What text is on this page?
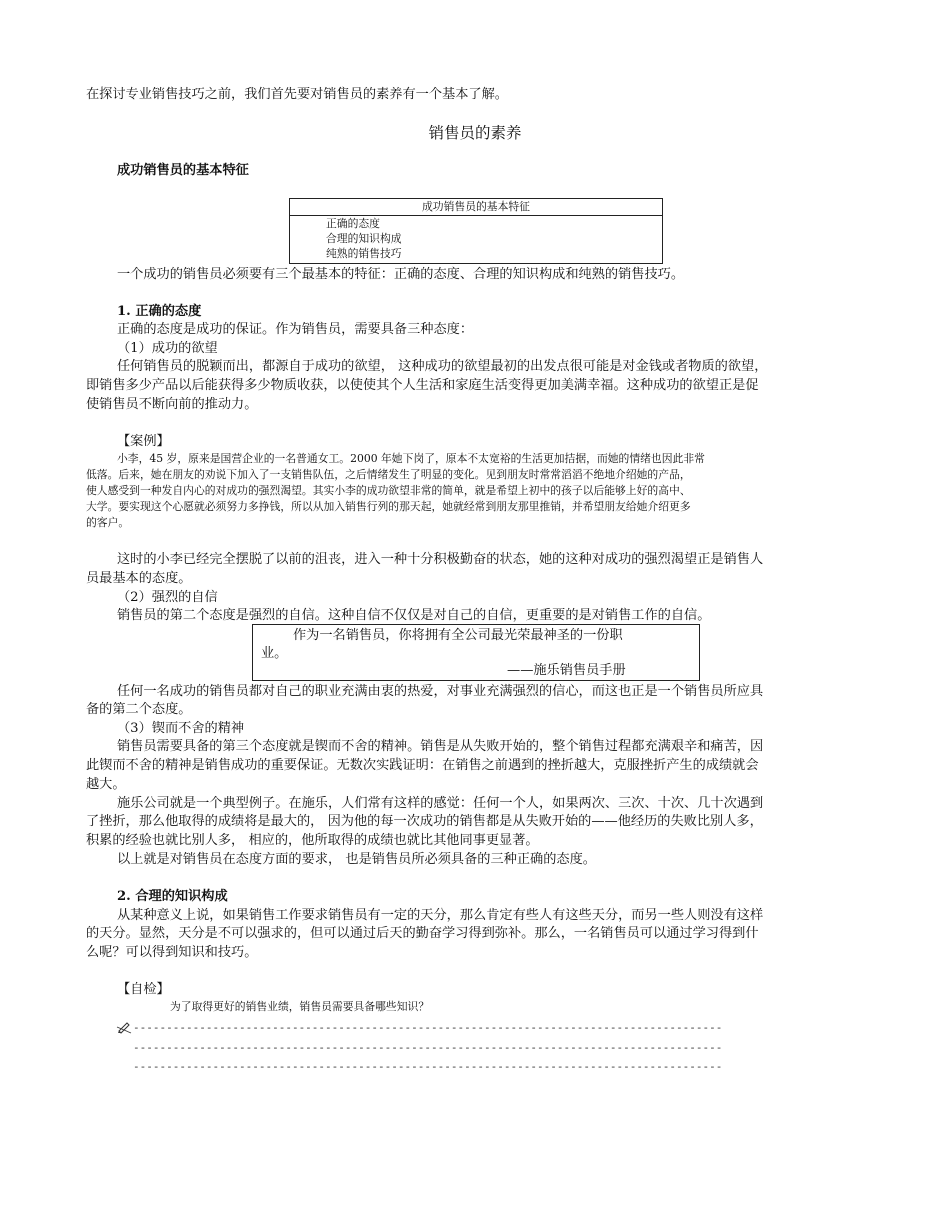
在探讨专业销售技巧之前，我们首先要对销售员的素养有一个基本了解。
销售员的素养
成功销售员的基本特征
成功销售员的基本特征
正确的态度
合理的知识构成
纯熟的销售技巧
一个成功的销售员必须要有三个最基本的特征：正确的态度、合理的知识构成和纯熟的销售技巧。
1. 正确的态度
正确的态度是成功的保证。作为销售员，需要具备三种态度：
（1）成功的欲望
任何销售员的脱颖而出，都源自于成功的欲望， 这种成功的欲望最初的出发点很可能是对金钱或者物质的欲望，
即销售多少产品以后能获得多少物质收获，以使使其个人生活和家庭生活变得更加美满幸福。这种成功的欲望正是促
使销售员不断向前的推动力。
【案例】
小李，45 岁，原来是国营企业的一名普通女工。2000 年她下岗了，原本不太宽裕的生活更加拮据，而她的情绪也因此非常
低落。后来，她在朋友的劝说下加入了一支销售队伍，之后情绪发生了明显的变化。见到朋友时常常滔滔不绝地介绍她的产品，
使人感受到一种发自内心的对成功的强烈渴望。其实小李的成功欲望非常的简单，就是希望上初中的孩子以后能够上好的高中、
大学。要实现这个心愿就必须努力多挣钱，所以从加入销售行列的那天起，她就经常到朋友那里推销，并希望朋友给她介绍更多
的客户。
这时的小李已经完全摆脱了以前的沮丧，进入一种十分积极勤奋的状态，她的这种对成功的强烈渴望正是销售人
员最基本的态度。
（2）强烈的自信
销售员的第二个态度是强烈的自信。这种自信不仅仅是对自己的自信，更重要的是对销售工作的自信。
作为一名销售员，你将拥有全公司最光荣最神圣的一份职
业。
——施乐销售员手册
任何一名成功的销售员都对自己的职业充满由衷的热爱，对事业充满强烈的信心，而这也正是一个销售员所应具
备的第二个态度。
（3）锲而不舍的精神
销售员需要具备的第三个态度就是锲而不舍的精神。销售是从失败开始的，整个销售过程都充满艰辛和痛苦，因
此锲而不舍的精神是销售成功的重要保证。无数次实践证明：在销售之前遇到的挫折越大，克服挫折产生的成绩就会
越大。
施乐公司就是一个典型例子。在施乐，人们常有这样的感觉：任何一个人，如果两次、三次、十次、几十次遇到
了挫折，那么他取得的成绩将是最大的， 因为他的每一次成功的销售都是从失败开始的——他经历的失败比别人多，
积累的经验也就比别人多， 相应的，他所取得的成绩也就比其他同事更显著。
以上就是对销售员在态度方面的要求， 也是销售员所必须具备的三种正确的态度。
2. 合理的知识构成
从某种意义上说，如果销售工作要求销售员有一定的天分，那么肯定有些人有这些天分，而另一些人则没有这样
的天分。显然，天分是不可以强求的，但可以通过后天的勤奋学习得到弥补。那么，一名销售员可以通过学习得到什
么呢？可以得到知识和技巧。
【自检】
为了取得更好的销售业绩，销售员需要具备哪些知识？
-----------------------------------------------------------------------------------------
-----------------------------------------------------------------------------------------
-----------------------------------------------------------------------------------------
